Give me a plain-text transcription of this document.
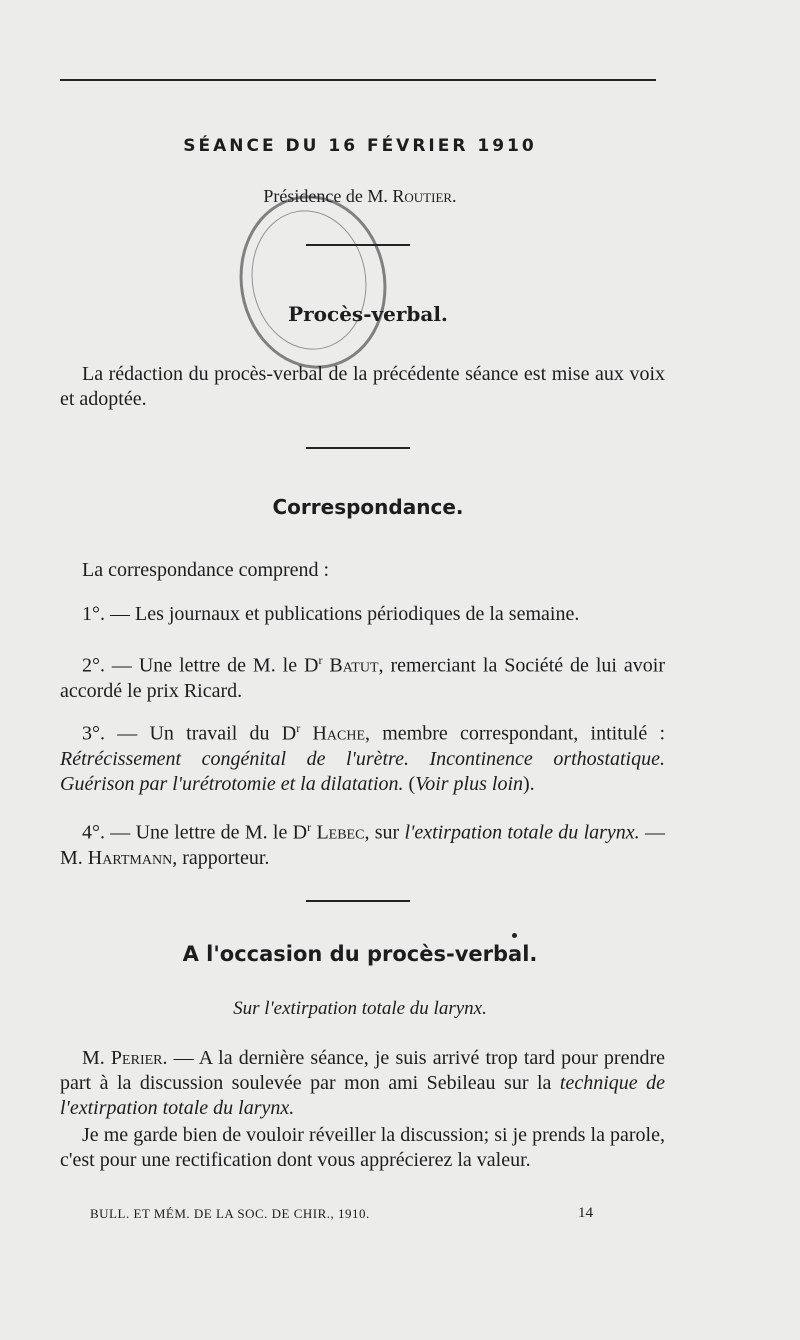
SÉANCE DU 16 FÉVRIER 1910
Présidence de M. Routier.
Procès-verbal.
La rédaction du procès-verbal de la précédente séance est mise aux voix et adoptée.
Correspondance.
La correspondance comprend :
1°. — Les journaux et publications périodiques de la semaine.
2°. — Une lettre de M. le $D^r$ Batut, remerciant la Société de lui avoir accordé le prix Ricard.
3°. — Un travail du $D^r$ Hache, membre correspondant, intitulé : Rétrécissement congénital de l'urètre. Incontinence orthostatique. Guérison par l'urétrotomie et la dilatation. (Voir plus loin).
4°. — Une lettre de M. le $D^r$ Lebec, sur l'extirpation totale du larynx. — M. Hartmann, rapporteur.
A l'occasion du procès-verbal.
Sur l'extirpation totale du larynx.
M. Perier. — A la dernière séance, je suis arrivé trop tard pour prendre part à la discussion soulevée par mon ami Sebileau sur la technique de l'extirpation totale du larynx.
Je me garde bien de vouloir réveiller la discussion; si je prends la parole, c'est pour une rectification dont vous apprécierez la valeur.
BULL. ET MÉM. DE LA SOC. DE CHIR., 1910.	14
